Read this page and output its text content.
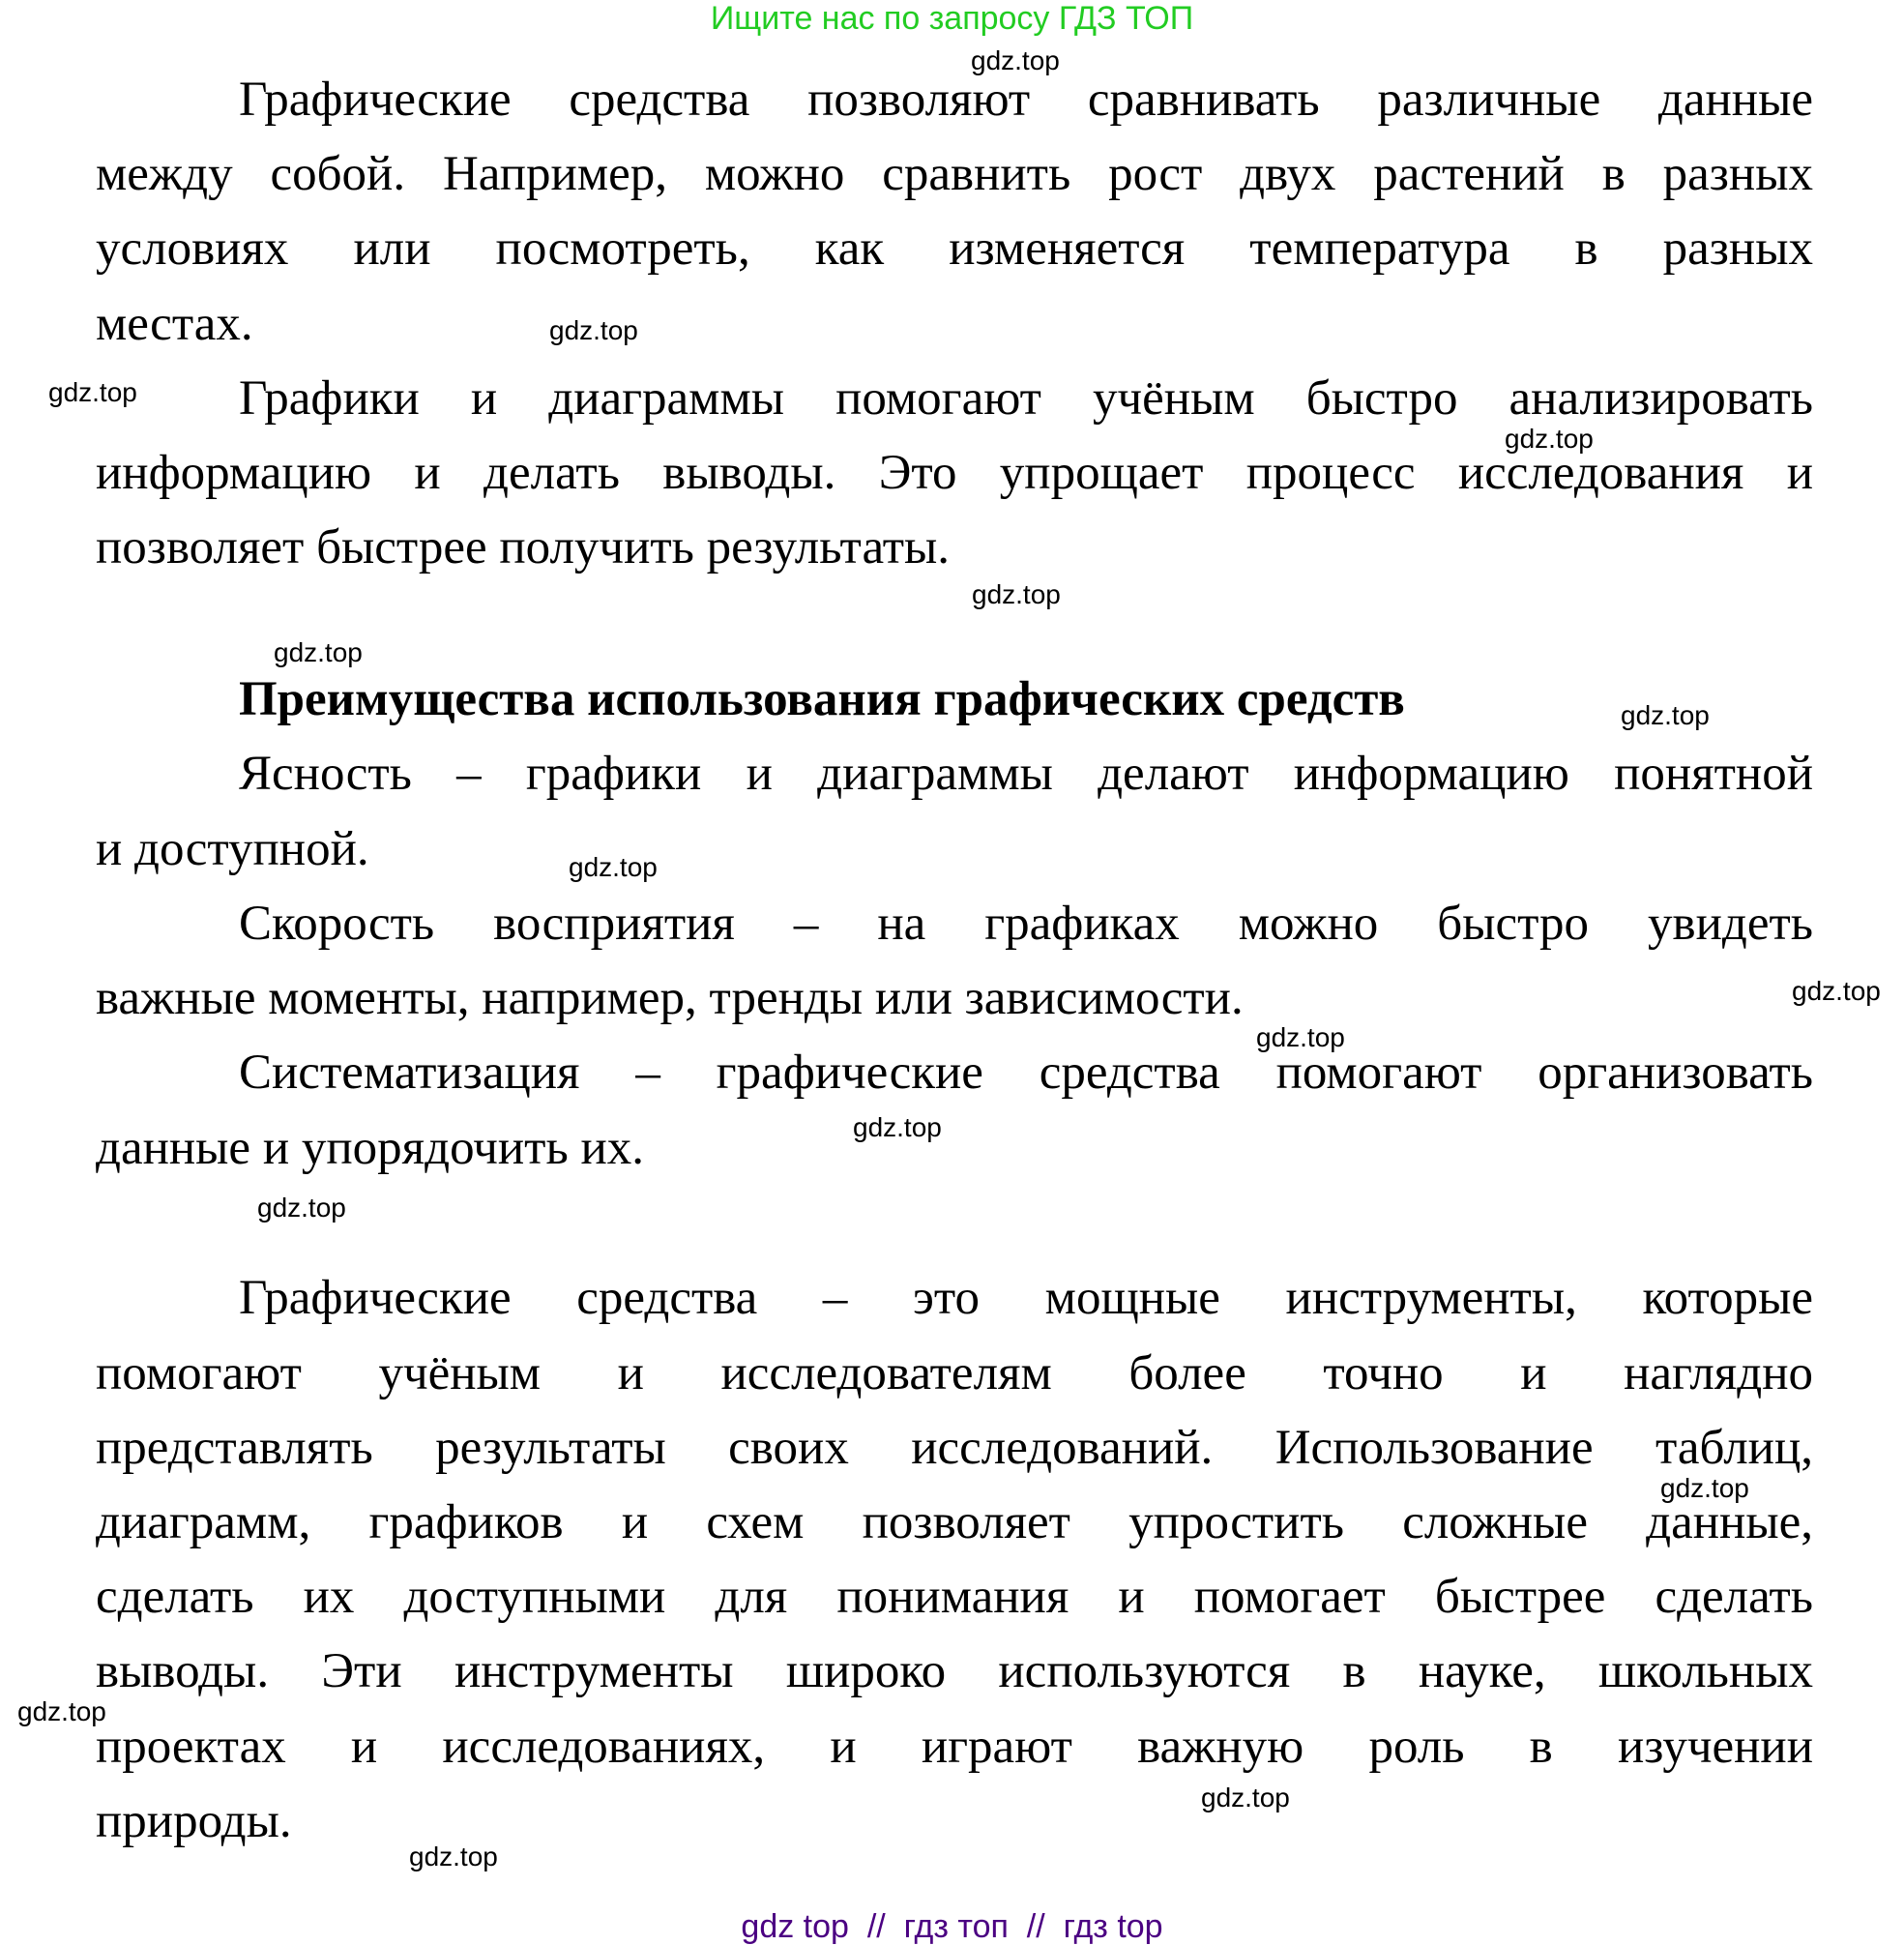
Ищите нас по запросу ГДЗ ТОП
Графические средства позволяют сравнивать различные данные
между собой. Например, можно сравнить рост двух растений в разных
условиях или посмотреть, как изменяется температура в разных
местах.
Графики и диаграммы помогают учёным быстро анализировать
информацию и делать выводы. Это упрощает процесс исследования и
позволяет быстрее получить результаты.
Преимущества использования графических средств
Ясность – графики и диаграммы делают информацию понятной
и доступной.
Скорость восприятия – на графиках можно быстро увидеть
важные моменты, например, тренды или зависимости.
Систематизация – графические средства помогают организовать
данные и упорядочить их.
Графические средства – это мощные инструменты, которые
помогают учёным и исследователям более точно и наглядно
представлять результаты своих исследований. Использование таблиц,
диаграмм, графиков и схем позволяет упростить сложные данные,
сделать их доступными для понимания и помогает быстрее сделать
выводы. Эти инструменты широко используются в науке, школьных
проектах и исследованиях, и играют важную роль в изучении
природы.
gdz.top
gdz.top
gdz.top
gdz.top
gdz.top
gdz.top
gdz.top
gdz.top
gdz.top
gdz.top
gdz.top
gdz.top
gdz.top
gdz.top
gdz.top
gdz.top
gdz top  //  гдз топ  //  гдз top
